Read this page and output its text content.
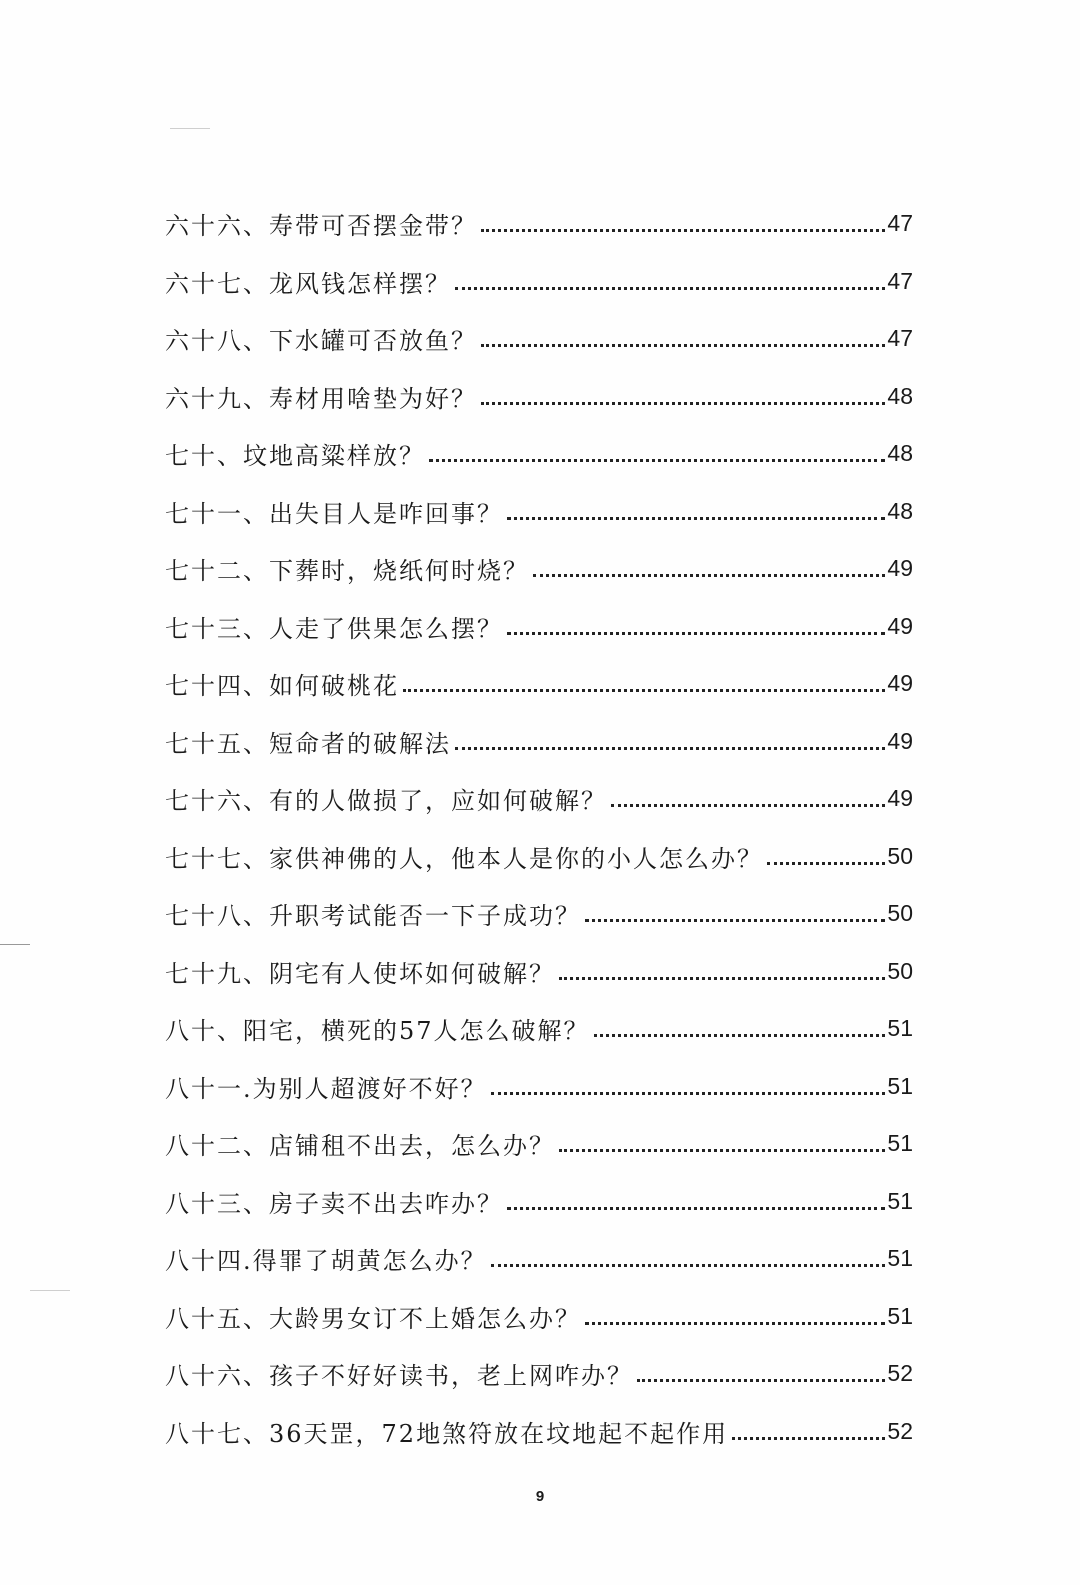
六十六、寿带可否摆金带？	47
六十七、龙风钱怎样摆？	47
六十八、下水罐可否放鱼？	47
六十九、寿材用啥垫为好？	48
七十、坟地高粱样放？	48
七十一、出失目人是咋回事？	48
七十二、下葬时，烧纸何时烧？	49
七十三、人走了供果怎么摆？	49
七十四、如何破桃花	49
七十五、短命者的破解法	49
七十六、有的人做损了，应如何破解？	49
七十七、家供神佛的人，他本人是你的小人怎么办？	50
七十八、升职考试能否一下子成功？	50
七十九、阴宅有人使坏如何破解？	50
八十、阳宅，横死的57人怎么破解？	51
八十一.为别人超渡好不好？	51
八十二、店铺租不出去，怎么办？	51
八十三、房子卖不出去咋办？	51
八十四.得罪了胡黄怎么办？	51
八十五、大龄男女订不上婚怎么办？	51
八十六、孩子不好好读书，老上网咋办？	52
八十七、36天罡，72地煞符放在坟地起不起作用	52
9
